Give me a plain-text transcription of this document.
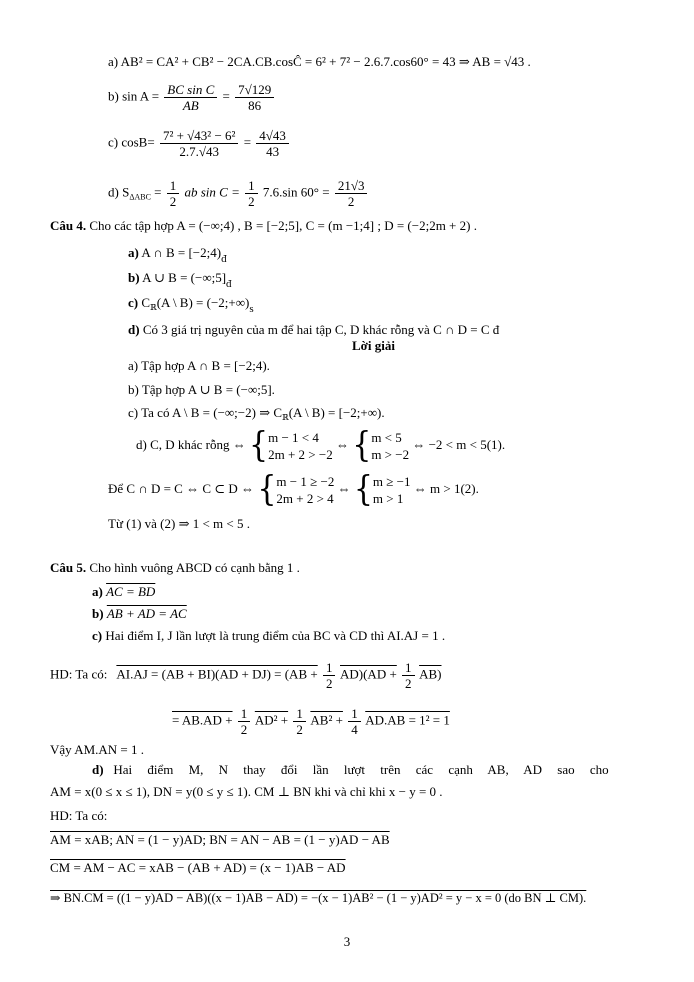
a) AB² = CA² + CB² − 2CA.CB.cosĈ = 6² + 7² − 2.6.7.cos60° = 43 ⇒ AB = √43 .
b) $\sin A = \frac{\text{BC sin C}}{AB} = \frac{7√129}{86}$
c) $\cos B= \frac{\text{7² + √43² − 6²}}{2.7.√43} = \frac{4√43}{43}$
d) $S_{\Delta ABC} = \frac{1}{2}$ ab $\sin C = \frac{1}{2} 7.6.\sin$ $60^\circ = \frac{21√3}{2}$
Câu 4. Cho các tập hợp A = (−∞;4) , B = [−2;5], C = (m −1;4] ; D = (−2;2m + 2) .
a) A ∩ $B = [-2;4)_đ$
b) A ∪ $B = (-\infty;5]_đ$
c) $C_ℝ(A$ \ $B) = (-2;+\infty)_s$
d) Có 3 giá trị nguyên của m để hai tập C, D khác rỗng và C ∩ D = C đ
Lời giải
a) Tập hợp A ∩ B = [−2;4).
b) Tập hợp A ∪ B = (−∞;5].
c) Ta có A \ B = (−∞;−2) ⇒ $C_ℝ(A$ \ B) = [−2;+∞).
d) C, D khác rỗng ⇔ { m − 1 < 4
2m + 2 > −2
⇔ { m < 5
m > −2
⇔ −2 < m < 5(1).
Để C ∩ D = C ⇔ C ⊂ D ⇔ { m − 1 ≥ −2
2m + 2 > 4
⇔ { m ≥ −1
m > 1
⇔ m > 1(2).
Từ (1) và (2) ⇒ 1 < m < 5 .
Câu 5. Cho hình vuông ABCD có cạnh bằng 1 .
a) AC = BD
b) AB + AD = AC
c) Hai điểm I, J lần lượt là trung điểm của BC và CD thì AI.AJ = 1 .
HD: Ta có: $AI.AJ = (AB + BI)(AD + DJ) = (AB + \frac{1}{2} AD)(AD + \frac{1}{2} AB)$
= $AB.AD + \frac{1}{2} AD^2 + \frac{1}{2} AB^2 + \frac{1}{4} AD.AB = 1^2 = 1$
Vậy AM.AN = 1 .
d) Hai điểm M, N thay đổi lần lượt trên các cạnh AB, AD sao cho
AM = x(0 ≤ x ≤ 1), DN = y(0 ≤ y ≤ 1). CM ⊥ BN khi và chỉ khi x − y = 0 .
HD: Ta có:
AM = xAB; AN = (1 − y)AD; BN = AN − AB = (1 − y)AD − AB
CM = AM − AC = xAB − (AB + AD) = (x − 1)AB − AD
⇒ BN.CM = ((1 − y)AD − AB)((x − 1)AB − AD) = −(x − 1)AB² − (1 − y)AD² = y − x = 0 (do BN ⊥ CM).
3
